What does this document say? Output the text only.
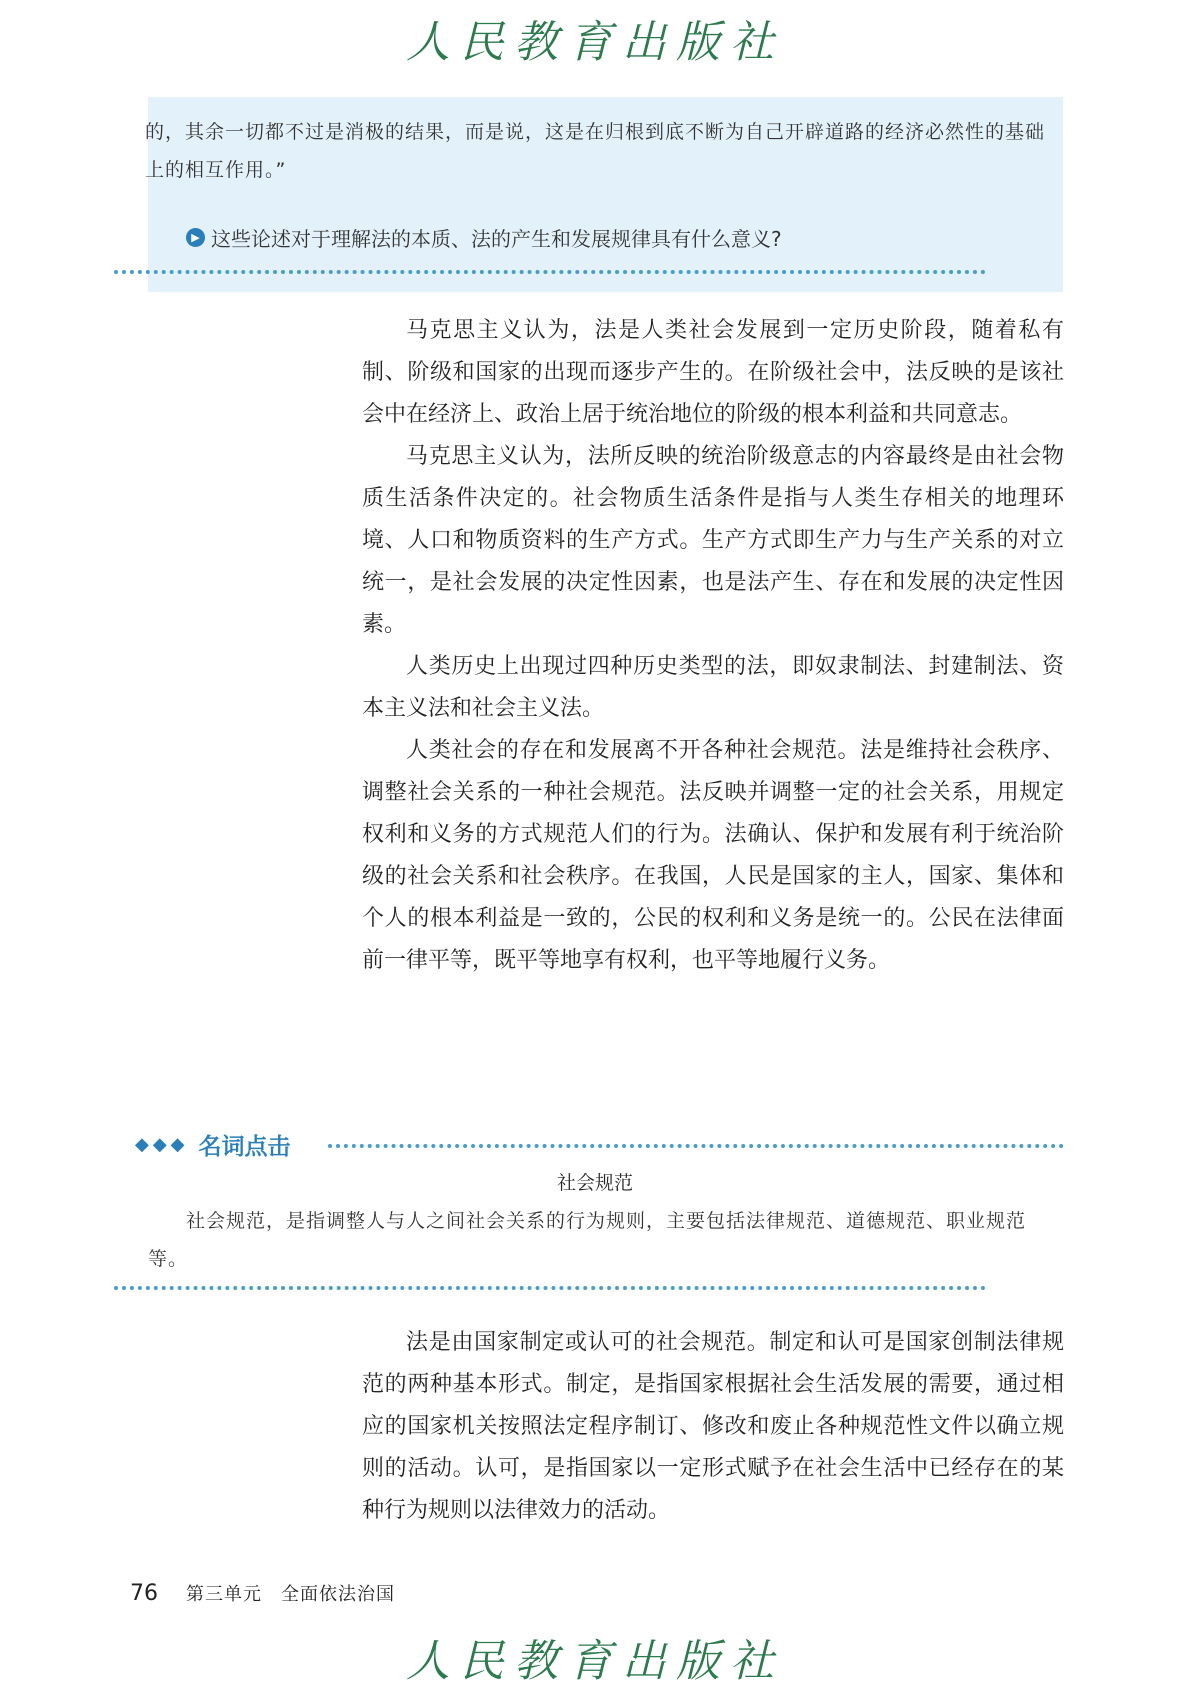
人民教育出版社
的，其余一切都不过是消极的结果，而是说，这是在归根到底不断为自己开辟道路的经济必然性的基础上的相互作用。”
▶ 这些论述对于理解法的本质、法的产生和发展规律具有什么意义?

马克思主义认为，法是人类社会发展到一定历史阶段，随着私有制、阶级和国家的出现而逐步产生的。在阶级社会中，法反映的是该社会中在经济上、政治上居于统治地位的阶级的根本利益和共同意志。

马克思主义认为，法所反映的统治阶级意志的内容最终是由社会物质生活条件决定的。社会物质生活条件是指与人类生存相关的地理环境、人口和物质资料的生产方式。生产方式即生产力与生产关系的对立统一，是社会发展的决定性因素，也是法产生、存在和发展的决定性因素。

人类历史上出现过四种历史类型的法，即奴隶制法、封建制法、资本主义法和社会主义法。

人类社会的存在和发展离不开各种社会规范。法是维持社会秩序、调整社会关系的一种社会规范。法反映并调整一定的社会关系，用规定权利和义务的方式规范人们的行为。法确认、保护和发展有利于统治阶级的社会关系和社会秩序。在我国，人民是国家的主人，国家、集体和个人的根本利益是一致的，公民的权利和义务是统一的。公民在法律面前一律平等，既平等地享有权利，也平等地履行义务。

◆◆◆ 名词点击
社会规范
社会规范，是指调整人与人之间社会关系的行为规则，主要包括法律规范、道德规范、职业规范等。

法是由国家制定或认可的社会规范。制定和认可是国家创制法律规范的两种基本形式。制定，是指国家根据社会生活发展的需要，通过相应的国家机关按照法定程序制订、修改和废止各种规范性文件以确立规则的活动。认可，是指国家以一定形式赋予在社会生活中已经存在的某种行为规则以法律效力的活动。

76 第三单元　全面依法治国
人民教育出版社
